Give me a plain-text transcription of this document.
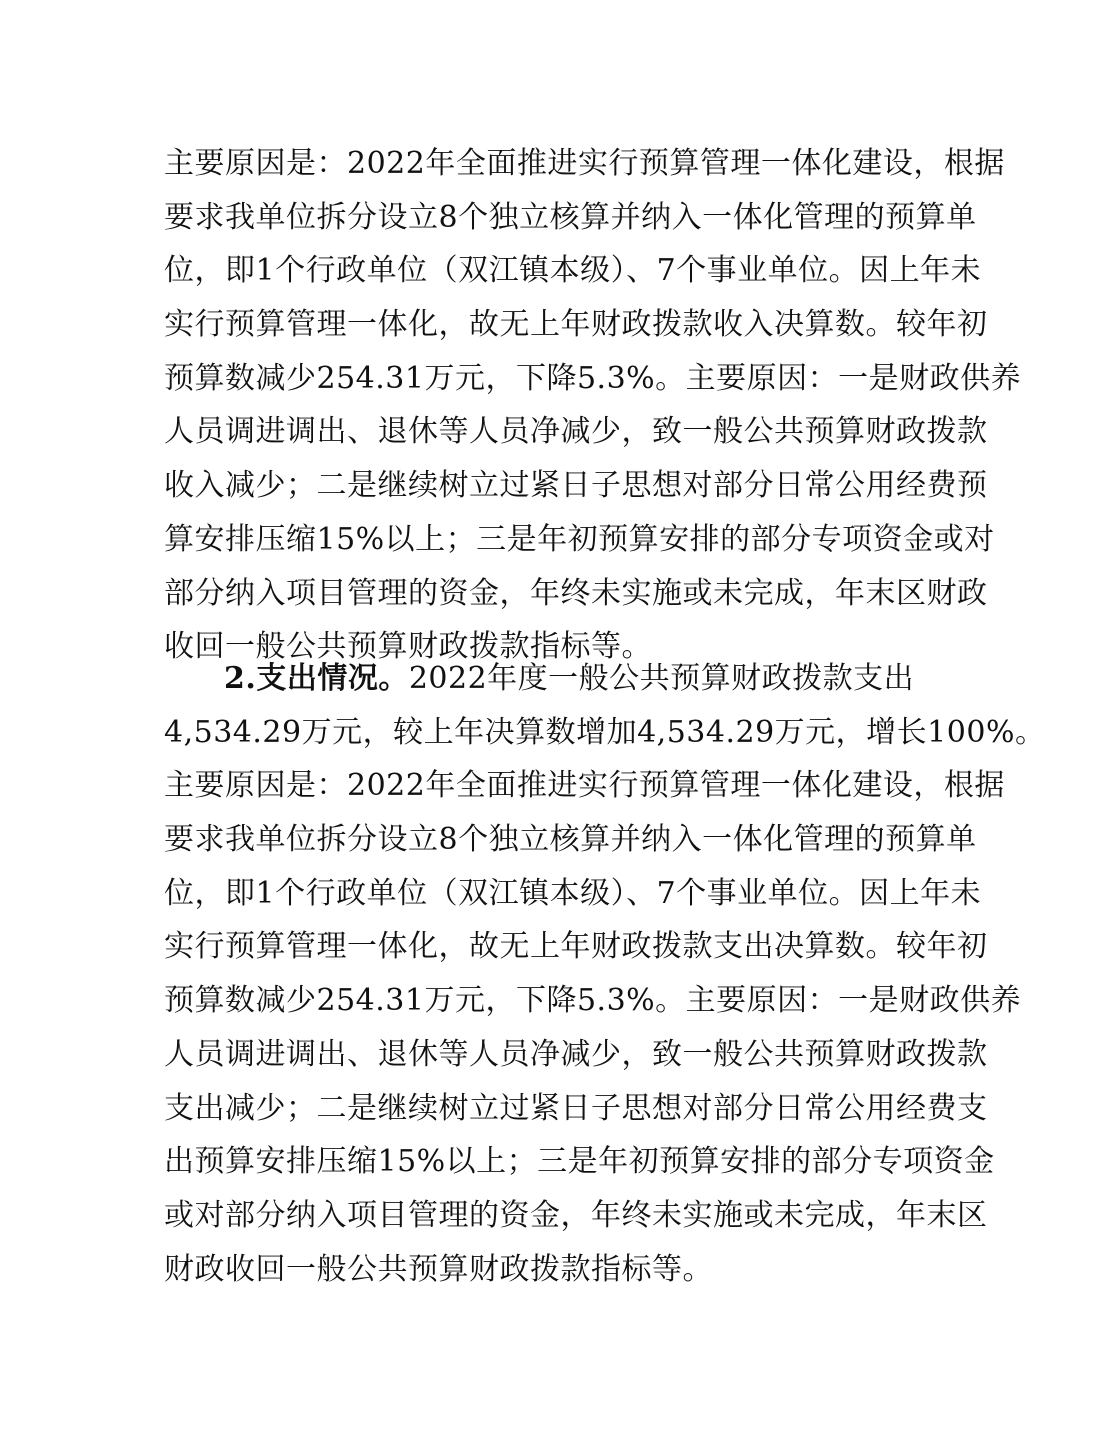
主要原因是：2022年全面推进实行预算管理一体化建设，根据
要求我单位拆分设立8个独立核算并纳入一体化管理的预算单
位，即1个行政单位（双江镇本级）、7个事业单位。因上年未
实行预算管理一体化，故无上年财政拨款收入决算数。较年初
预算数减少254.31万元，下降5.3%。主要原因：一是财政供养
人员调进调出、退休等人员净减少，致一般公共预算财政拨款
收入减少；二是继续树立过紧日子思想对部分日常公用经费预
算安排压缩15%以上；三是年初预算安排的部分专项资金或对
部分纳入项目管理的资金，年终未实施或未完成，年末区财政
收回一般公共预算财政拨款指标等。
2.支出情况。2022年度一般公共预算财政拨款支出
4,534.29万元，较上年决算数增加4,534.29万元，增长100%。
主要原因是：2022年全面推进实行预算管理一体化建设，根据
要求我单位拆分设立8个独立核算并纳入一体化管理的预算单
位，即1个行政单位（双江镇本级）、7个事业单位。因上年未
实行预算管理一体化，故无上年财政拨款支出决算数。较年初
预算数减少254.31万元，下降5.3%。主要原因：一是财政供养
人员调进调出、退休等人员净减少，致一般公共预算财政拨款
支出减少；二是继续树立过紧日子思想对部分日常公用经费支
出预算安排压缩15%以上；三是年初预算安排的部分专项资金
或对部分纳入项目管理的资金，年终未实施或未完成，年末区
财政收回一般公共预算财政拨款指标等。
